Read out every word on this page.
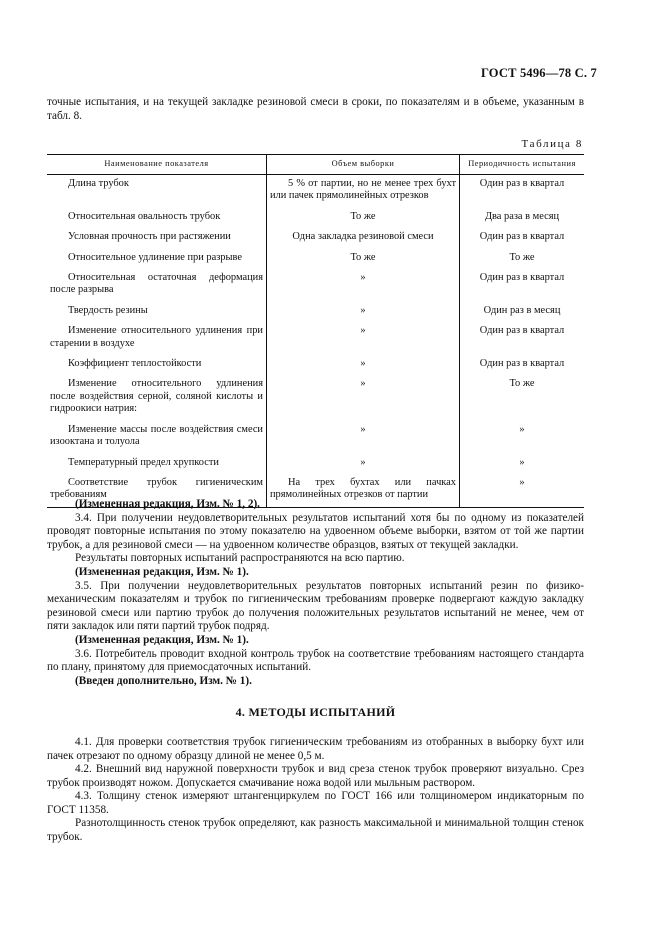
ГОСТ 5496—78 С. 7
точные испытания, и на текущей закладке резиновой смеси в сроки, по показателям и в объеме, указанным в табл. 8.
Таблица 8
Наименование показателя	Объем выборки	Периодичность испытания
Длина трубок	5 % от партии, но не менее трех бухт или пачек прямолинейных отрезков	Один раз в квартал
Относительная овальность трубок	То же	Два раза в месяц
Условная прочность при растяжении	Одна закладка резиновой смеси	Один раз в квартал
Относительное удлинение при разрыве	То же	То же
Относительная остаточная деформация после разрыва	»	Один раз в квартал
Твердость резины	»	Один раз в месяц
Изменение относительного удлинения при старении в воздухе	»	Один раз в квартал
Коэффициент теплостойкости	»	Один раз в квартал
Изменение относительного удлинения после воздействия серной, соляной кислоты и гидроокиси натрия:	»	То же
Изменение массы после воздействия смеси изооктана и толуола	»	»
Температурный предел хрупкости	»	»
Соответствие трубок гигиеническим требованиям	На трех бухтах или пачках прямолинейных отрезков от партии	»

(Измененная редакция, Изм. № 1, 2).

3.4. При получении неудовлетворительных результатов испытаний хотя бы по одному из показателей проводят повторные испытания по этому показателю на удвоенном объеме выборки, взятом от той же партии трубок, а для резиновой смеси — на удвоенном количестве образцов, взятых от текущей закладки.

Результаты повторных испытаний распространяются на всю партию.

(Измененная редакция, Изм. № 1).

3.5. При получении неудовлетворительных результатов повторных испытаний резин по физико-механическим показателям и трубок по гигиеническим требованиям проверке подвергают каждую закладку резиновой смеси или партию трубок до получения положительных результатов испытаний не менее, чем от пяти закладок или пяти партий трубок подряд.

(Измененная редакция, Изм. № 1).

3.6. Потребитель проводит входной контроль трубок на соответствие требованиям настоящего стандарта по плану, принятому для приемосдаточных испытаний.

(Введен дополнительно, Изм. № 1).

4. МЕТОДЫ ИСПЫТАНИЙ

4.1. Для проверки соответствия трубок гигиеническим требованиям из отобранных в выборку бухт или пачек отрезают по одному образцу длиной не менее 0,5 м.

4.2. Внешний вид наружной поверхности трубок и вид среза стенок трубок проверяют визуально. Срез трубок производят ножом. Допускается смачивание ножа водой или мыльным раствором.

4.3. Толщину стенок измеряют штангенциркулем по ГОСТ 166 или толщиномером индикаторным по ГОСТ 11358.

Разнотолщинность стенок трубок определяют, как разность максимальной и минимальной толщин стенок трубок.
